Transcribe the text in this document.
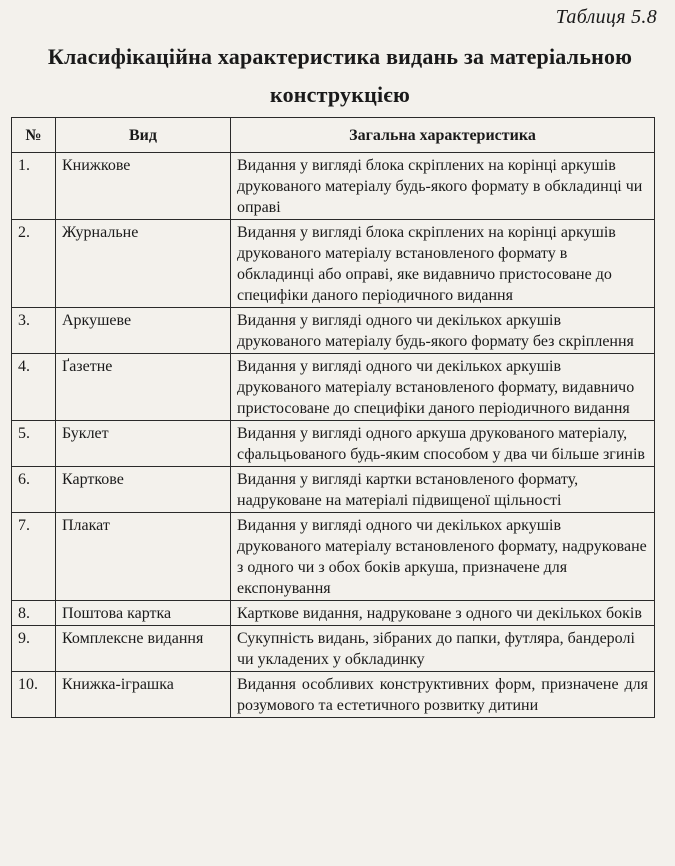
Таблиця 5.8
Класифікаційна характеристика видань за матеріальною конструкцією
№	Вид	Загальна характеристика
1.	Книжкове	Видання у вигляді блока скріплених на корінці аркушів друкованого матеріалу будь-якого формату в обкладинці чи оправі
2.	Журнальне	Видання у вигляді блока скріплених на корінці аркушів друкованого матеріалу встановленого формату в обкладинці або оправі, яке видавничо пристосоване до специфіки даного періодичного видання
3.	Аркушеве	Видання у вигляді одного чи декількох аркушів друкованого матеріалу будь-якого формату без скріплення
4.	Ґазетне	Видання у вигляді одного чи декількох аркушів друкованого матеріалу встановленого формату, видавничо пристосоване до специфіки даного періодичного видання
5.	Буклет	Видання у вигляді одного аркуша друкованого матеріалу, сфальцьованого будь-яким способом у два чи більше згинів
6.	Карткове	Видання у вигляді картки встановленого формату, надруковане на матеріалі підвищеної щільності
7.	Плакат	Видання у вигляді одного чи декількох аркушів друкованого матеріалу встановленого формату, надруковане з одного чи з обох боків аркуша, призначене для експонування
8.	Поштова картка	Карткове видання, надруковане з одного чи декількох боків
9.	Комплексне видання	Сукупність видань, зібраних до папки, футляра, бандеролі чи укладених у обкладинку
10.	Книжка-іграшка	Видання особливих конструктивних форм, призначене для розумового та естетичного розвитку дитини
